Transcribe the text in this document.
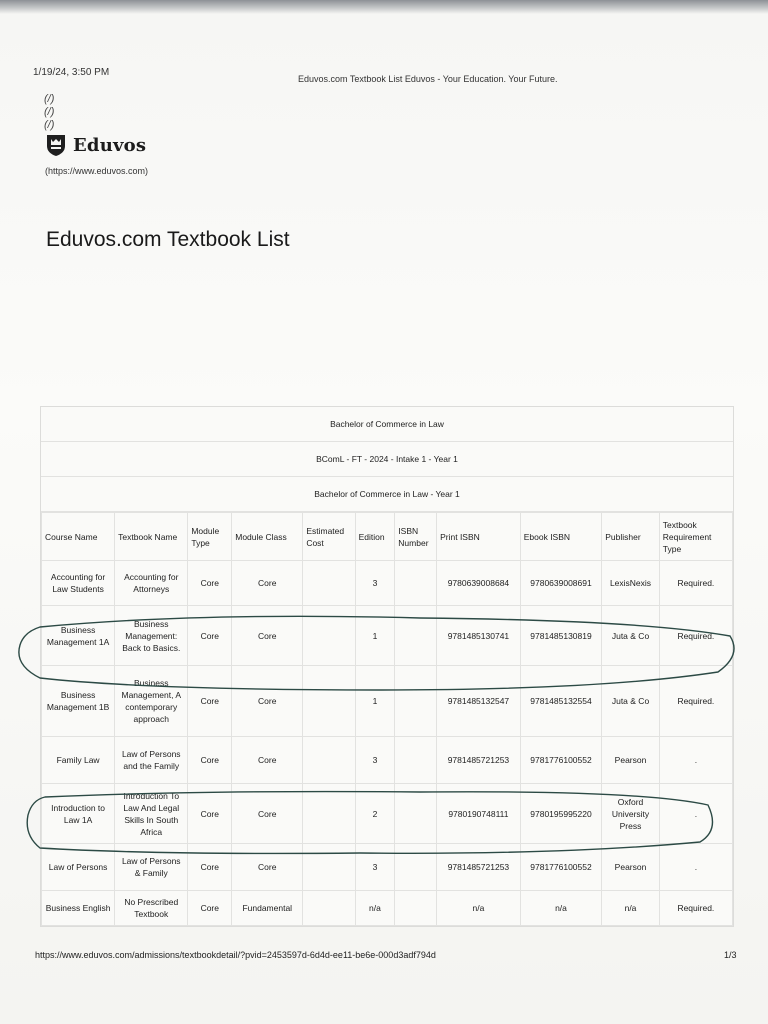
1/19/24, 3:50 PM
Eduvos.com Textbook List Eduvos - Your Education. Your Future.
(/)
(/)
(/)
Eduvos
(https://www.eduvos.com)
Eduvos.com Textbook List
Bachelor of Commerce in Law
BComL - FT - 2024 - Intake 1 - Year 1
Bachelor of Commerce in Law - Year 1
Course Name	Textbook Name	Module Type	Module Class	Estimated Cost	Edition	ISBN Number	Print ISBN	Ebook ISBN	Publisher	Textbook Requirement Type
Accounting for Law Students	Accounting for Attorneys	Core	Core		3		9780639008684	9780639008691	LexisNexis	Required.
Business Management 1A	Business Management: Back to Basics.	Core	Core		1		9781485130741	9781485130819	Juta & Co	Required.
Business Management 1B	Business Management, A contemporary approach	Core	Core		1		9781485132547	9781485132554	Juta & Co	Required.
Family Law	Law of Persons and the Family	Core	Core		3		9781485721253	9781776100552	Pearson	.
Introduction to Law 1A	Introduction To Law And Legal Skills In South Africa	Core	Core		2		9780190748111	9780195995220	Oxford University Press	.
Law of Persons	Law of Persons & Family	Core	Core		3		9781485721253	9781776100552	Pearson	.
Business English	No Prescribed Textbook	Core	Fundamental		n/a		n/a	n/a	n/a	Required.
https://www.eduvos.com/admissions/textbookdetail/?pvid=2453597d-6d4d-ee11-be6e-000d3adf794d	1/3
